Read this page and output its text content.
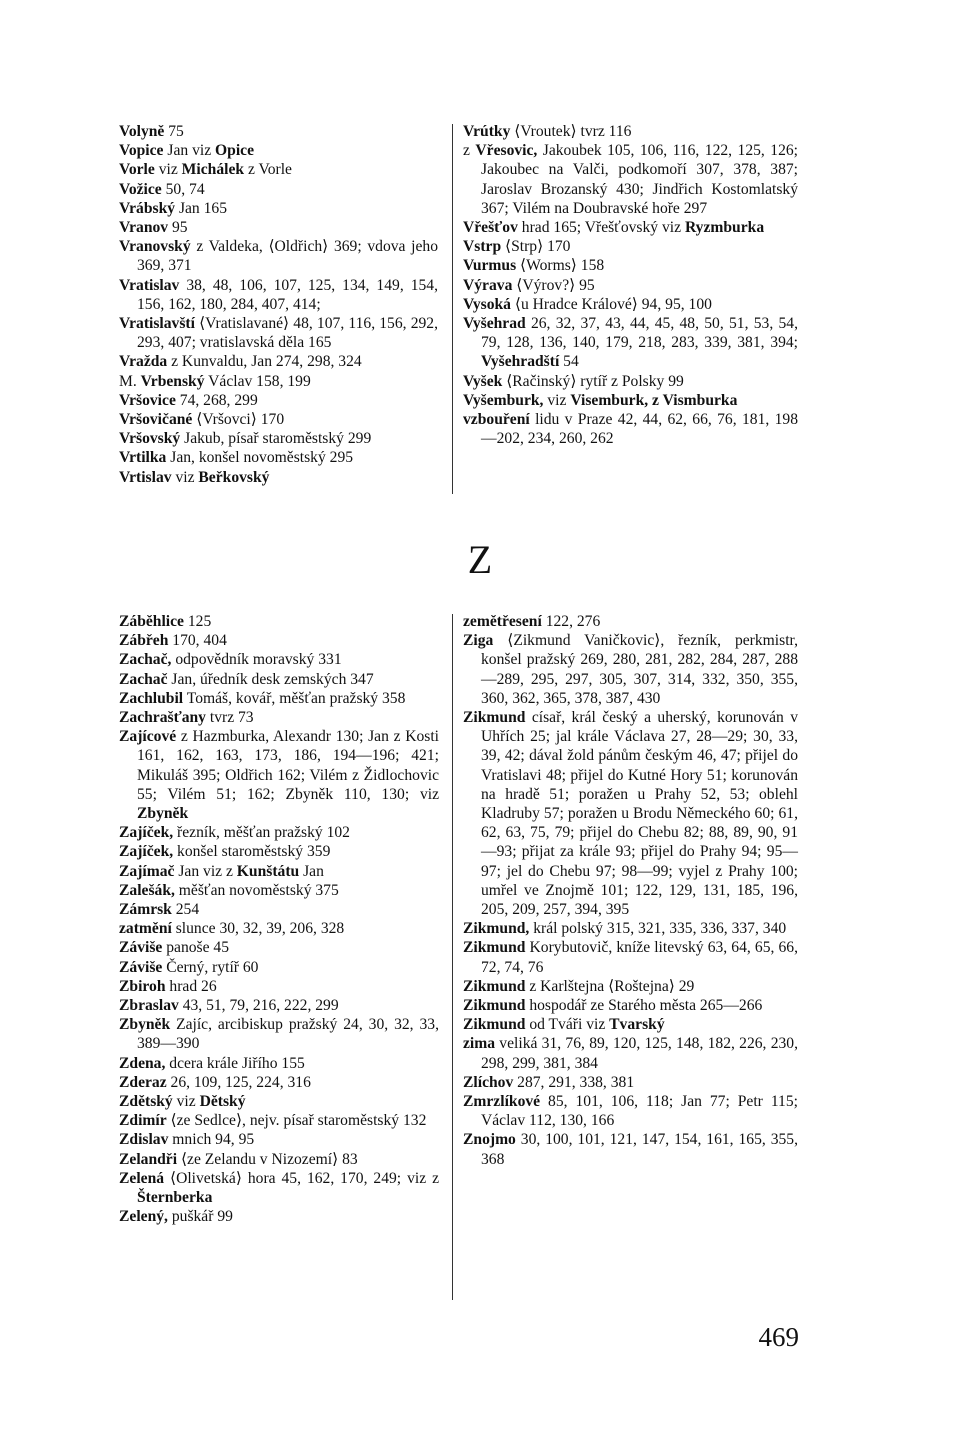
Volyně 75

Vopice Jan viz Opice

Vorle viz Michálek z Vorle

Vožice 50, 74

Vrábský Jan 165

Vranov 95

Vranovský z Valdeka, ⟨Oldřich⟩ 369; vdova jeho 369, 371

Vratislav 38, 48, 106, 107, 125, 134, 149, 154, 156, 162, 180, 284, 407, 414;

Vratislavští ⟨Vratislavané⟩ 48, 107, 116, 156, 292, 293, 407; vratislavská děla 165

Vražda z Kunvaldu, Jan 274, 298, 324

M. Vrbenský Václav 158, 199

Vršovice 74, 268, 299

Vršovičané ⟨Vršovci⟩ 170

Vršovský Jakub, písař staroměstský 299

Vrtilka Jan, konšel novoměstský 295

Vrtislav viz Beřkovský

Vrútky ⟨Vroutek⟩ tvrz 116

z Vřesovic, Jakoubek 105, 106, 116, 122, 125, 126; Jakoubec na Valči, podkomoří 307, 378, 387; Jaroslav Brozanský 430; Jindřich Kostomlatský 367; Vilém na Doubravské hoře 297

Vřešťov hrad 165; Vřešťovský viz Ryzmburka

Vstrp ⟨Strp⟩ 170

Vurmus ⟨Worms⟩ 158

Výrava ⟨Výrov?⟩ 95

Vysoká ⟨u Hradce Králové⟩ 94, 95, 100

Vyšehrad 26, 32, 37, 43, 44, 45, 48, 50, 51, 53, 54, 79, 128, 136, 140, 179, 218, 283, 339, 381, 394; Vyšehradští 54

Vyšek ⟨Račinský⟩ rytíř z Polsky 99

Vyšemburk, viz Visemburk, z Vismburka

vzbouření lidu v Praze 42, 44, 62, 66, 76, 181, 198—202, 234, 260, 262

Z

Záběhlice 125

Zábřeh 170, 404

Zachač, odpovědník moravský 331

Zachač Jan, úředník desk zemských 347

Zachlubil Tomáš, kovář, měšťan pražský 358

Zachrašťany tvrz 73

Zajícové z Hazmburka, Alexandr 130; Jan z Kosti 161, 162, 163, 173, 186, 194—196; 421; Mikuláš 395; Oldřich 162; Vilém z Židlochovic 55; Vilém 51; 162; Zbyněk 110, 130; viz Zbyněk

Zajíček, řezník, měšťan pražský 102

Zajíček, konšel staroměstský 359

Zajímač Jan viz z Kunštátu Jan

Zalešák, měšťan novoměstský 375

Zámrsk 254

zatmění slunce 30, 32, 39, 206, 328

Záviše panoše 45

Záviše Černý, rytíř 60

Zbiroh hrad 26

Zbraslav 43, 51, 79, 216, 222, 299

Zbyněk Zajíc, arcibiskup pražský 24, 30, 32, 33, 389—390

Zdena, dcera krále Jiřího 155

Zderaz 26, 109, 125, 224, 316

Zdětský viz Dětský

Zdimír ⟨ze Sedlce⟩, nejv. písař staroměstský 132

Zdislav mnich 94, 95

Zelandři ⟨ze Zelandu v Nizozemí⟩ 83

Zelená ⟨Olivetská⟩ hora 45, 162, 170, 249; viz z Šternberka

Zelený, puškář 99

zemětřesení 122, 276

Ziga ⟨Zikmund Vaničkovic⟩, řezník, perkmistr, konšel pražský 269, 280, 281, 282, 284, 287, 288—289, 295, 297, 305, 307, 314, 332, 350, 355, 360, 362, 365, 378, 387, 430

Zikmund císař, král český a uherský, korunován v Uhřích 25; jal krále Václava 27, 28—29; 30, 33, 39, 42; dával žold pánům českým 46, 47; přijel do Vratislavi 48; přijel do Kutné Hory 51; korunován na hradě 51; poražen u Prahy 52, 53; oblehl Kladruby 57; poražen u Brodu Německého 60; 61, 62, 63, 75, 79; přijel do Chebu 82; 88, 89, 90, 91—93; přijat za krále 93; přijel do Prahy 94; 95—97; jel do Chebu 97; 98—99; vyjel z Prahy 100; umřel ve Znojmě 101; 122, 129, 131, 185, 196, 205, 209, 257, 394, 395

Zikmund, král polský 315, 321, 335, 336, 337, 340

Zikmund Korybutovič, kníže litevský 63, 64, 65, 66, 72, 74, 76

Zikmund z Karlštejna ⟨Roštejna⟩ 29

Zikmund hospodář ze Starého města 265—266

Zikmund od Tváři viz Tvarský

zima veliká 31, 76, 89, 120, 125, 148, 182, 226, 230, 298, 299, 381, 384

Zlíchov 287, 291, 338, 381

Zmrzlíkové 85, 101, 106, 118; Jan 77; Petr 115; Václav 112, 130, 166

Znojmo 30, 100, 101, 121, 147, 154, 161, 165, 355, 368

469
